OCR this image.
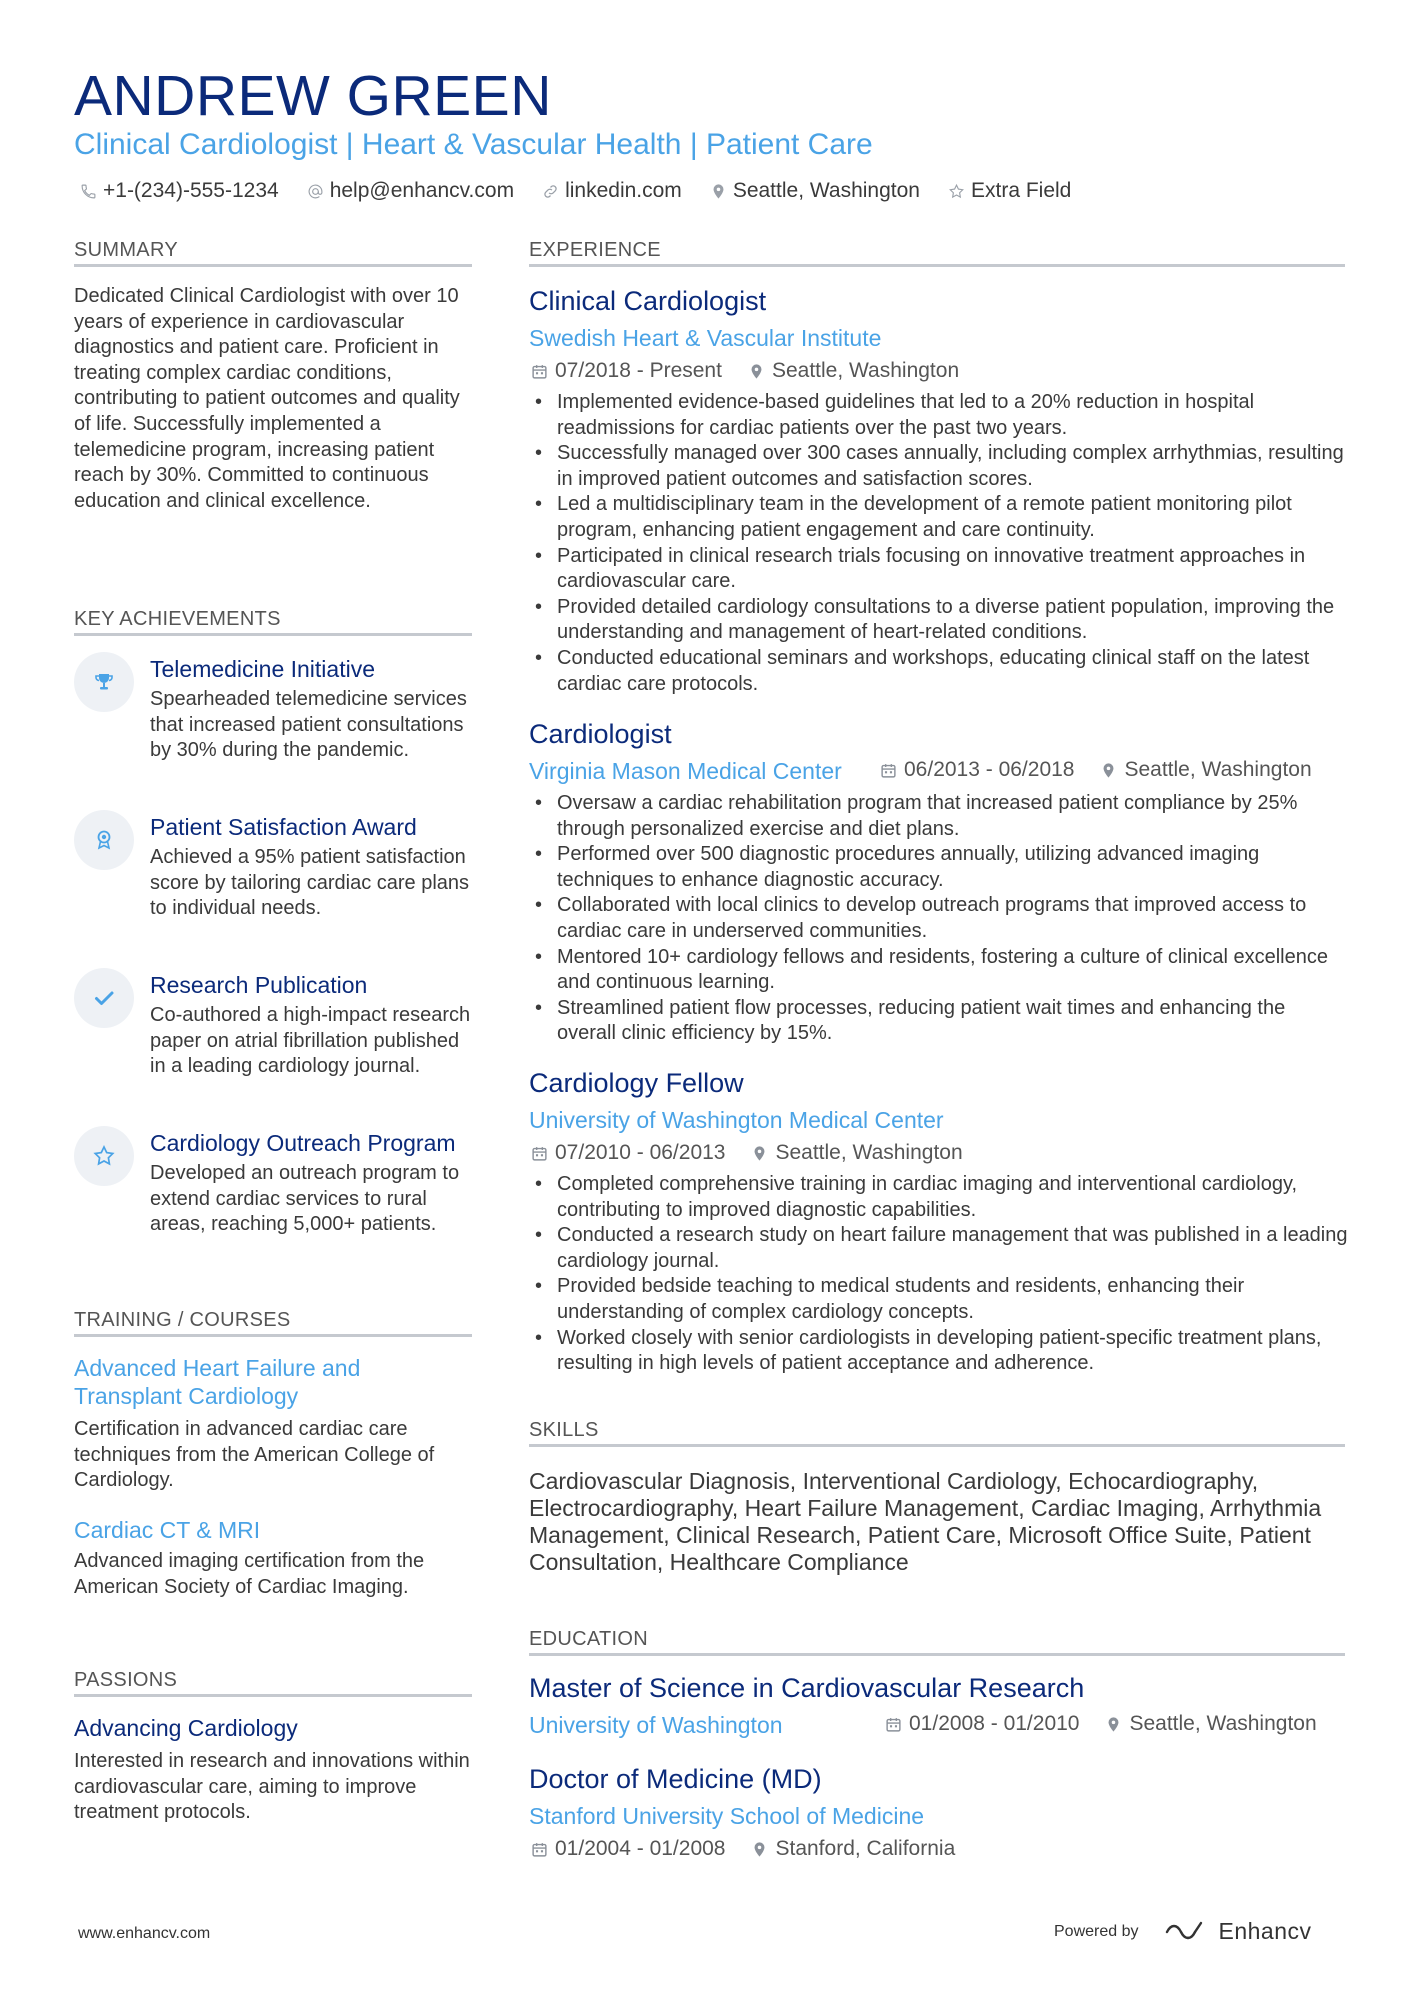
ANDREW GREEN
Clinical Cardiologist | Heart & Vascular Health | Patient Care
+1-(234)-555-1234 help@enhancv.com linkedin.com Seattle, Washington Extra Field
SUMMARY
Dedicated Clinical Cardiologist with over 10 years of experience in cardiovascular diagnostics and patient care. Proficient in treating complex cardiac conditions, contributing to patient outcomes and quality of life. Successfully implemented a telemedicine program, increasing patient reach by 30%. Committed to continuous education and clinical excellence.
KEY ACHIEVEMENTS
Telemedicine Initiative
Spearheaded telemedicine services that increased patient consultations by 30% during the pandemic.
Patient Satisfaction Award
Achieved a 95% patient satisfaction score by tailoring cardiac care plans to individual needs.
Research Publication
Co-authored a high-impact research paper on atrial fibrillation published in a leading cardiology journal.
Cardiology Outreach Program
Developed an outreach program to extend cardiac services to rural areas, reaching 5,000+ patients.
TRAINING / COURSES
Advanced Heart Failure and Transplant Cardiology
Certification in advanced cardiac care techniques from the American College of Cardiology.
Cardiac CT & MRI
Advanced imaging certification from the American Society of Cardiac Imaging.
PASSIONS
Advancing Cardiology
Interested in research and innovations within cardiovascular care, aiming to improve treatment protocols.
EXPERIENCE
Clinical Cardiologist
Swedish Heart & Vascular Institute
07/2018 - Present Seattle, Washington
• Implemented evidence-based guidelines that led to a 20% reduction in hospital readmissions for cardiac patients over the past two years.
• Successfully managed over 300 cases annually, including complex arrhythmias, resulting in improved patient outcomes and satisfaction scores.
• Led a multidisciplinary team in the development of a remote patient monitoring pilot program, enhancing patient engagement and care continuity.
• Participated in clinical research trials focusing on innovative treatment approaches in cardiovascular care.
• Provided detailed cardiology consultations to a diverse patient population, improving the understanding and management of heart-related conditions.
• Conducted educational seminars and workshops, educating clinical staff on the latest cardiac care protocols.
Cardiologist
Virginia Mason Medical Center	06/2013 - 06/2018 Seattle, Washington
• Oversaw a cardiac rehabilitation program that increased patient compliance by 25% through personalized exercise and diet plans.
• Performed over 500 diagnostic procedures annually, utilizing advanced imaging techniques to enhance diagnostic accuracy.
• Collaborated with local clinics to develop outreach programs that improved access to cardiac care in underserved communities.
• Mentored 10+ cardiology fellows and residents, fostering a culture of clinical excellence and continuous learning.
• Streamlined patient flow processes, reducing patient wait times and enhancing the overall clinic efficiency by 15%.
Cardiology Fellow
University of Washington Medical Center
07/2010 - 06/2013 Seattle, Washington
• Completed comprehensive training in cardiac imaging and interventional cardiology, contributing to improved diagnostic capabilities.
• Conducted a research study on heart failure management that was published in a leading cardiology journal.
• Provided bedside teaching to medical students and residents, enhancing their understanding of complex cardiology concepts.
• Worked closely with senior cardiologists in developing patient-specific treatment plans, resulting in high levels of patient acceptance and adherence.
SKILLS
Cardiovascular Diagnosis, Interventional Cardiology, Echocardiography, Electrocardiography, Heart Failure Management, Cardiac Imaging, Arrhythmia Management, Clinical Research, Patient Care, Microsoft Office Suite, Patient Consultation, Healthcare Compliance
EDUCATION
Master of Science in Cardiovascular Research
University of Washington	01/2008 - 01/2010 Seattle, Washington
Doctor of Medicine (MD)
Stanford University School of Medicine
01/2004 - 01/2008 Stanford, California
www.enhancv.com	Powered by	Enhancv
